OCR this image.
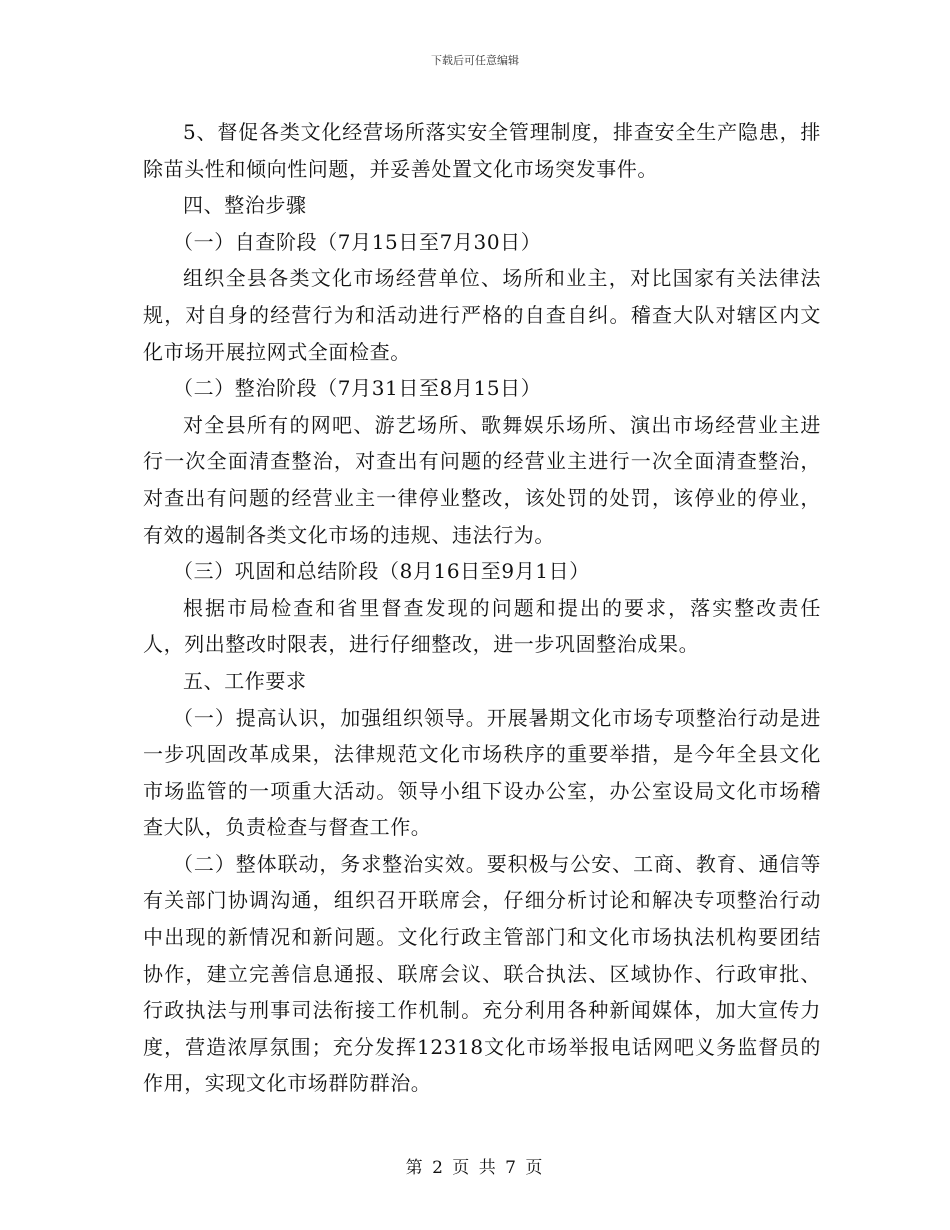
下载后可任意编辑

5、督促各类文化经营场所落实安全管理制度，排查安全生产隐患，排除苗头性和倾向性问题，并妥善处置文化市场突发事件。

四、整治步骤

（一）自查阶段（7月15日至7月30日）

组织全县各类文化市场经营单位、场所和业主，对比国家有关法律法规，对自身的经营行为和活动进行严格的自查自纠。稽查大队对辖区内文化市场开展拉网式全面检查。

（二）整治阶段（7月31日至8月15日）

对全县所有的网吧、游艺场所、歌舞娱乐场所、演出市场经营业主进行一次全面清查整治，对查出有问题的经营业主进行一次全面清查整治，对查出有问题的经营业主一律停业整改，该处罚的处罚，该停业的停业，有效的遏制各类文化市场的违规、违法行为。

（三）巩固和总结阶段（8月16日至9月1日）

根据市局检查和省里督查发现的问题和提出的要求，落实整改责任人，列出整改时限表，进行仔细整改，进一步巩固整治成果。

五、工作要求

（一）提高认识，加强组织领导。开展暑期文化市场专项整治行动是进一步巩固改革成果，法律规范文化市场秩序的重要举措，是今年全县文化市场监管的一项重大活动。领导小组下设办公室，办公室设局文化市场稽查大队，负责检查与督查工作。

（二）整体联动，务求整治实效。要积极与公安、工商、教育、通信等有关部门协调沟通，组织召开联席会，仔细分析讨论和解决专项整治行动中出现的新情况和新问题。文化行政主管部门和文化市场执法机构要团结协作，建立完善信息通报、联席会议、联合执法、区域协作、行政审批、行政执法与刑事司法衔接工作机制。充分利用各种新闻媒体，加大宣传力度，营造浓厚氛围；充分发挥12318文化市场举报电话网吧义务监督员的作用，实现文化市场群防群治。

第 2 页 共 7 页
